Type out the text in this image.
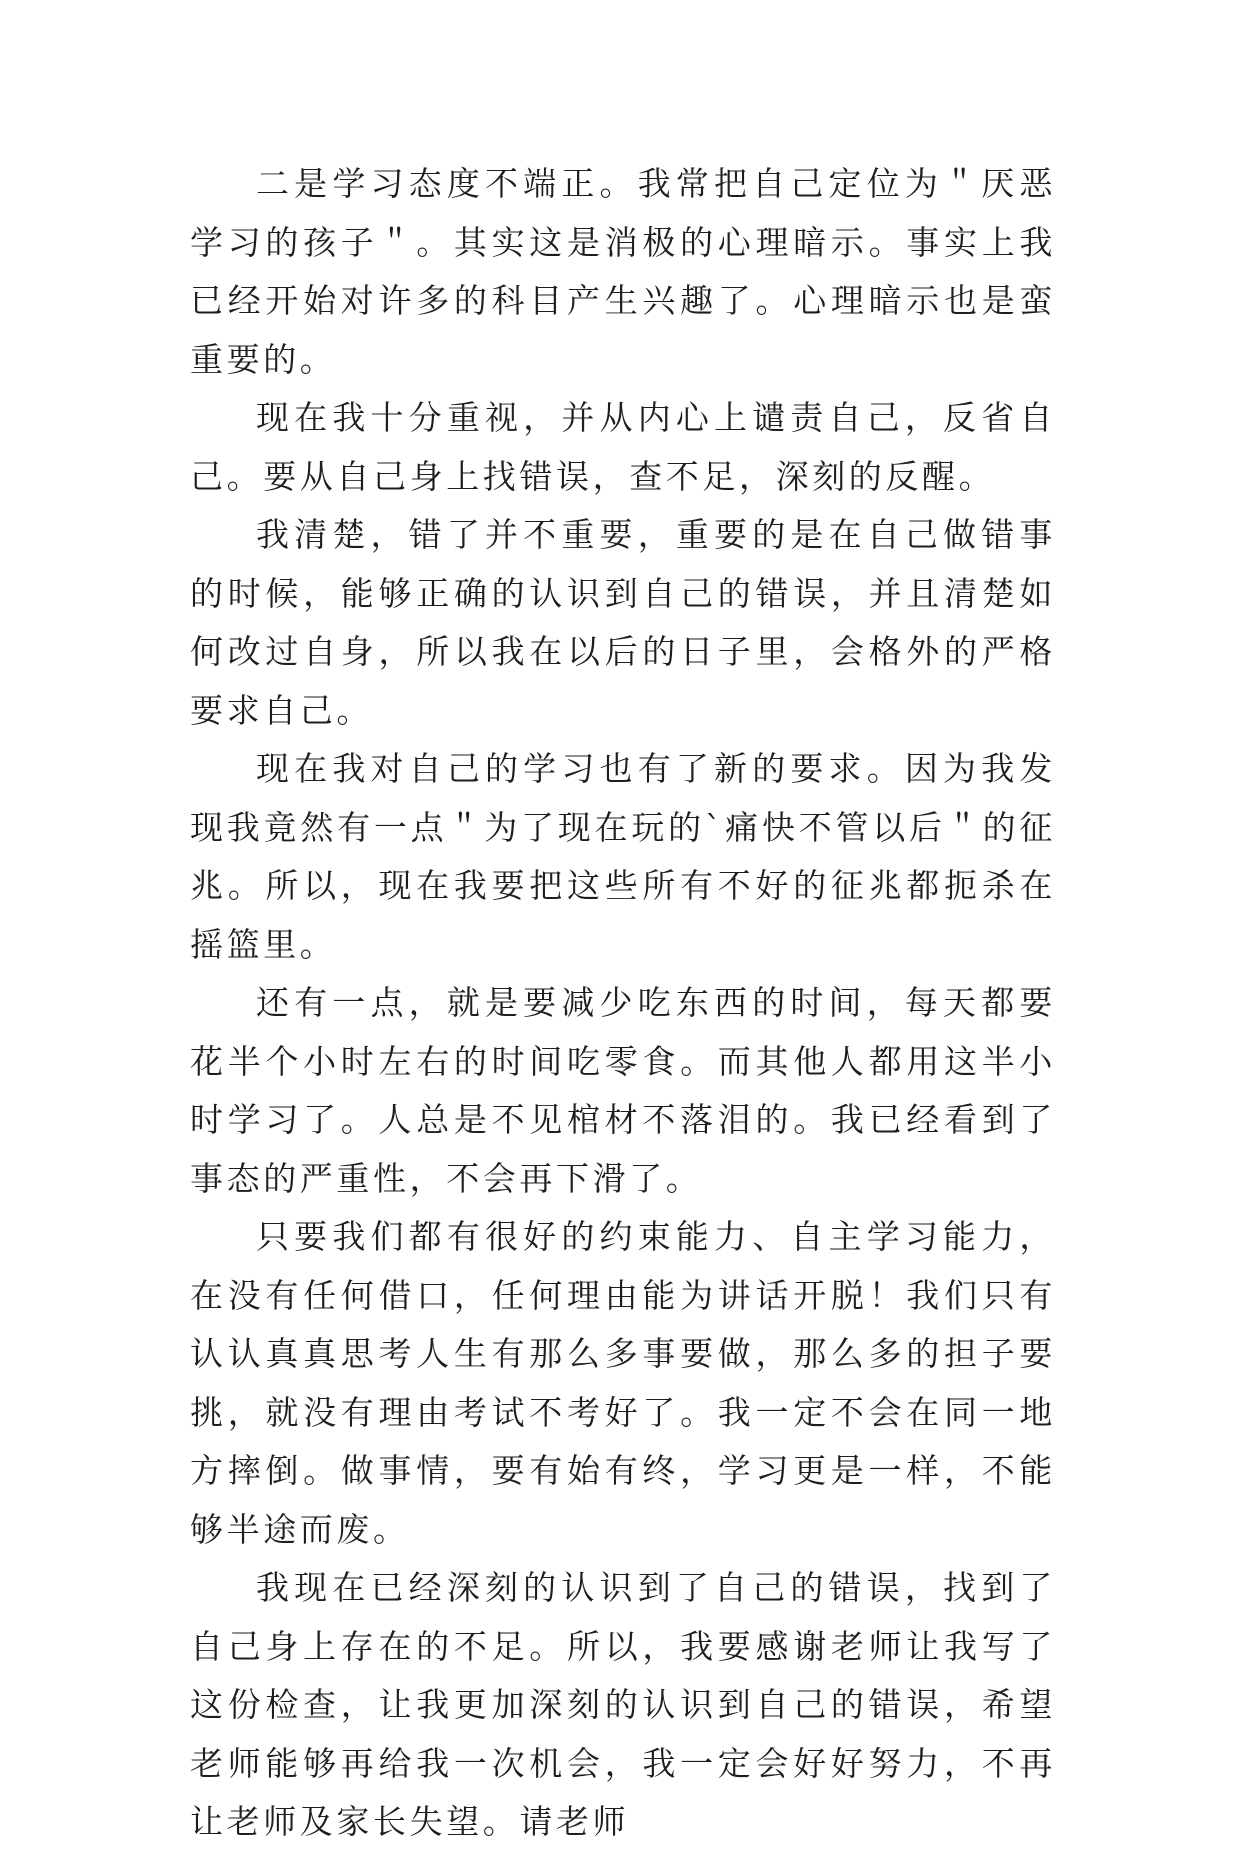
二是学习态度不端正。我常把自己定位为＂厌恶学习的孩子＂。其实这是消极的心理暗示。事实上我已经开始对许多的科目产生兴趣了。心理暗示也是蛮重要的。

现在我十分重视，并从内心上谴责自己，反省自己。要从自己身上找错误，查不足，深刻的反醒。

我清楚，错了并不重要，重要的是在自己做错事的时候，能够正确的认识到自己的错误，并且清楚如何改过自身，所以我在以后的日子里，会格外的严格要求自己。

现在我对自己的学习也有了新的要求。因为我发现我竟然有一点＂为了现在玩的`痛快不管以后＂的征兆。所以，现在我要把这些所有不好的征兆都扼杀在摇篮里。

还有一点，就是要减少吃东西的时间，每天都要花半个小时左右的时间吃零食。而其他人都用这半小时学习了。人总是不见棺材不落泪的。我已经看到了事态的严重性，不会再下滑了。

只要我们都有很好的约束能力、自主学习能力，在没有任何借口，任何理由能为讲话开脱！我们只有认认真真思考人生有那么多事要做，那么多的担子要挑，就没有理由考试不考好了。我一定不会在同一地方摔倒。做事情，要有始有终，学习更是一样，不能够半途而废。

我现在已经深刻的认识到了自己的错误，找到了自己身上存在的不足。所以，我要感谢老师让我写了这份检查，让我更加深刻的认识到自己的错误，希望老师能够再给我一次机会，我一定会好好努力，不再让老师及家长失望。请老师
